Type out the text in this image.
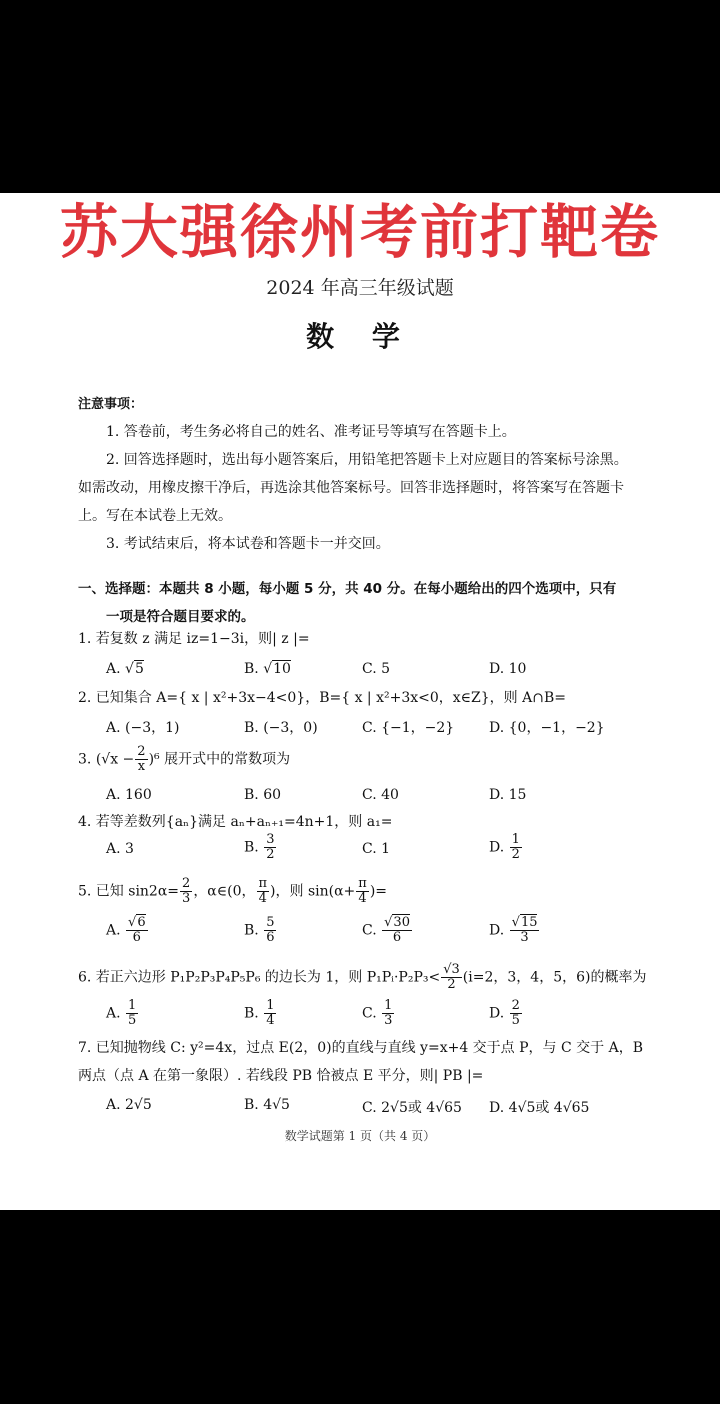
苏大强徐州考前打靶卷
2024 年高三年级试题
数 学
注意事项：
1. 答卷前，考生务必将自己的姓名、准考证号等填写在答题卡上。
2. 回答选择题时，选出每小题答案后，用铅笔把答题卡上对应题目的答案标号涂黑。
如需改动，用橡皮擦干净后，再选涂其他答案标号。回答非选择题时，将答案写在答题卡
上。写在本试卷上无效。
3. 考试结束后，将本试卷和答题卡一并交回。
一、选择题：本题共 8 小题，每小题 5 分，共 40 分。在每小题给出的四个选项中，只有
一项是符合题目要求的。
1. 若复数 z 满足 iz=1−3i，则| z |=
A. √5	B. √10	C. 5	D. 10
2. 已知集合 A={ x | x²+3x−4<0}，B={ x | x²+3x<0，x∈Z}，则 A∩B=
A. (−3，1)	B. (−3，0)	C. {−1，−2} D. {0，−1，−2}
3. $(√x - \frac{2}{x} )^6$ 展开式中的常数项为
A. 160	B. 60	C. 40	D. 15
4. 若等差数列{aₙ}满足 aₙ+aₙ₊₁=4n+1，则 a₁=
A. 3	B. $\frac{3}{2}$	C. 1	D. $\frac{1}{2}$
5. 已知 $\sin 2\alpha= \frac{2}{3}$ ，α∈(0， $\frac{\pi}{4}$ )，则 $\sin(\alpha+ \frac{\pi}{4}$ )=
A. $\frac{√6}{6}$	B. $\frac{5}{6}$	C. $\frac{√30}{6}$	D. $\frac{√15}{3}$
6. 若正六边形 P₁P₂P₃P₄P₅P₆ 的边长为 1，则 P₁Pᵢ·P₂P₃< $\frac{√3}{2} (i=2$，3，4，5，6)的概率为
A. $\frac{1}{5}$	B. $\frac{1}{4}$	C. $\frac{1}{3}$	D. $\frac{2}{5}$
7. 已知抛物线 C: y²=4x，过点 E(2，0)的直线与直线 y=x+4 交于点 P，与 C 交于 A，B
两点（点 A 在第一象限）. 若线段 PB 恰被点 E 平分，则| PB |=
A. 2√5	B. 4√5	C. 2√5或 4√65 D. 4√5或 4√65
数学试题第 1 页（共 4 页）
